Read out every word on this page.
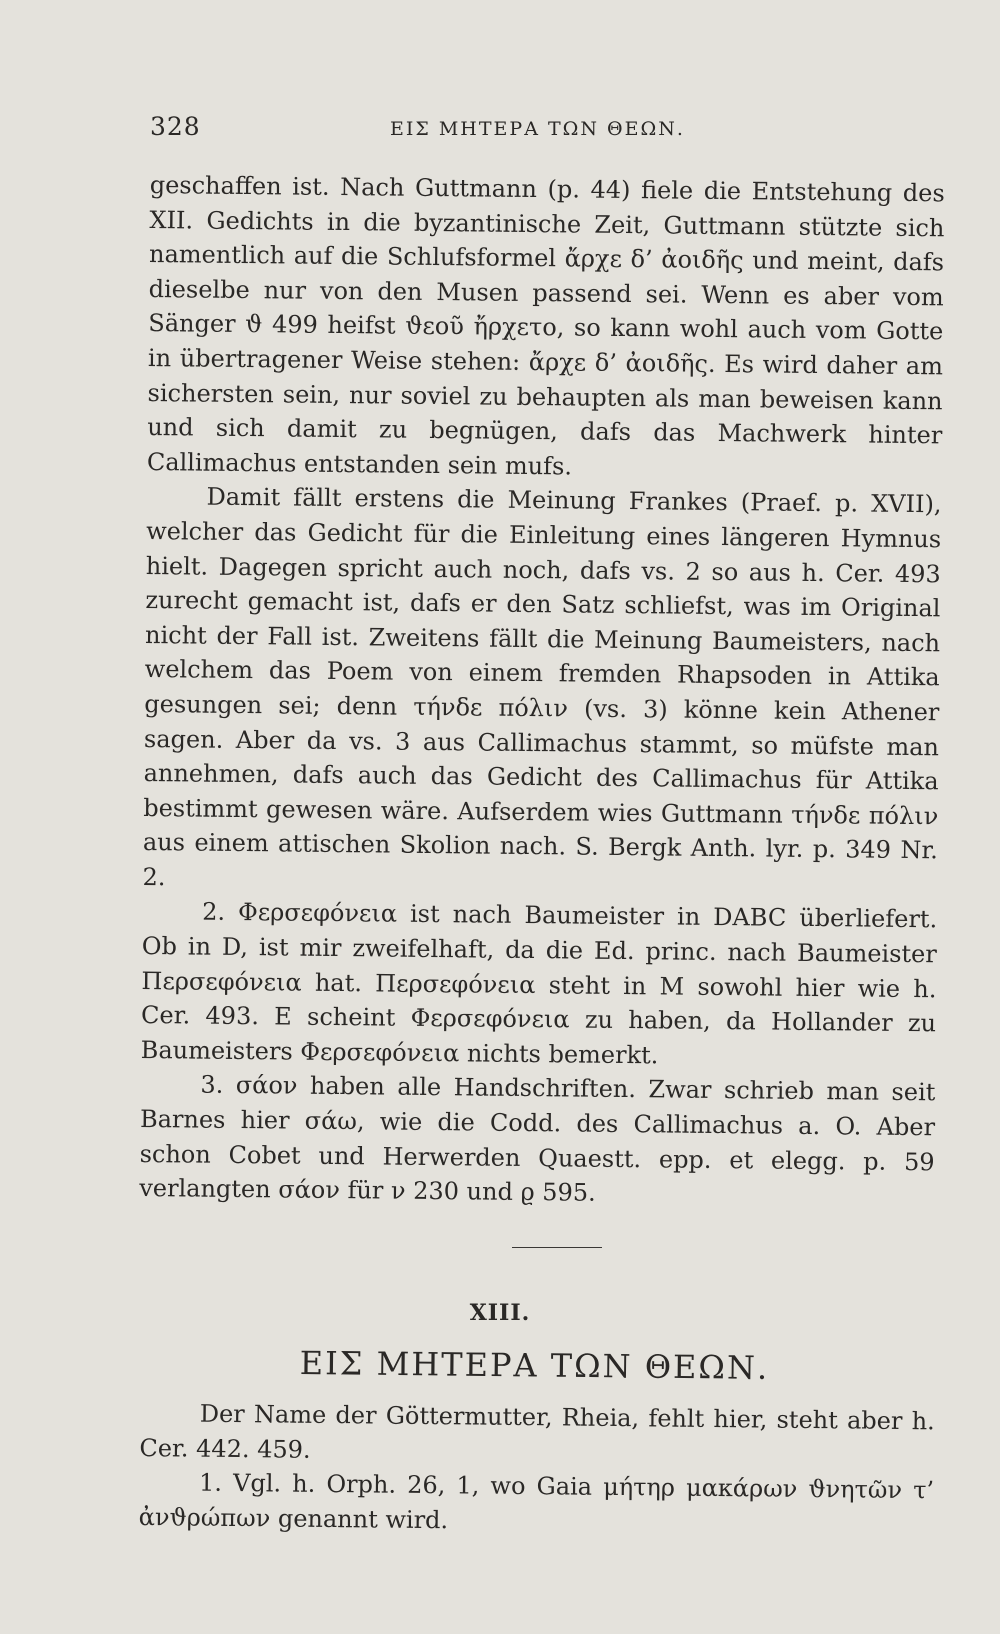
328	ΕΙΣ ΜΗΤΕΡΑ ΤΩΝ ΘΕΩΝ.

geschaffen ist. Nach Guttmann (p. 44) fiele die Entstehung des XII. Gedichts in die byzantinische Zeit, Guttmann stützte sich namentlich auf die Schlufsformel ἄρχε δ’ ἀοιδῆς und meint, dafs dieselbe nur von den Musen passend sei. Wenn es aber vom Sänger ϑ 499 heifst ϑεοῦ ἤρχετο, so kann wohl auch vom Gotte in übertragener Weise stehen: ἄρχε δ’ ἀοιδῆς. Es wird daher am sichersten sein, nur soviel zu behaupten als man beweisen kann und sich damit zu begnügen, dafs das Machwerk hinter Callimachus entstanden sein mufs.

Damit fällt erstens die Meinung Frankes (Praef. p. XVII), welcher das Gedicht für die Einleitung eines längeren Hymnus hielt. Dagegen spricht auch noch, dafs vs. 2 so aus h. Cer. 493 zurecht gemacht ist, dafs er den Satz schliefst, was im Original nicht der Fall ist. Zweitens fällt die Meinung Baumeisters, nach welchem das Poem von einem fremden Rhapsoden in Attika gesungen sei; denn τήνδε πόλιν (vs. 3) könne kein Athener sagen. Aber da vs. 3 aus Callimachus stammt, so müfste man annehmen, dafs auch das Gedicht des Callimachus für Attika bestimmt gewesen wäre. Aufserdem wies Guttmann τήνδε πόλιν aus einem attischen Skolion nach. S. Bergk Anth. lyr. p. 349 Nr. 2.

2. Φερσεφόνεια ist nach Baumeister in DABC überliefert. Ob in D, ist mir zweifelhaft, da die Ed. princ. nach Baumeister Περσεφόνεια hat. Περσεφόνεια steht in M sowohl hier wie h. Cer. 493. E scheint Φερσεφόνεια zu haben, da Hollander zu Baumeisters Φερσεφόνεια nichts bemerkt.

3. σάον haben alle Handschriften. Zwar schrieb man seit Barnes hier σάω, wie die Codd. des Callimachus a. O. Aber schon Cobet und Herwerden Quaestt. epp. et elegg. p. 59 verlangten σάον für ν 230 und ϱ 595.

XIII.
ΕΙΣ ΜΗΤΕΡΑ ΤΩΝ ΘΕΩΝ.

Der Name der Göttermutter, Rheia, fehlt hier, steht aber h. Cer. 442. 459.

1. Vgl. h. Orph. 26, 1, wo Gaia μήτηρ μακάρων ϑνητῶν τ’ ἀνϑρώπων genannt wird.
